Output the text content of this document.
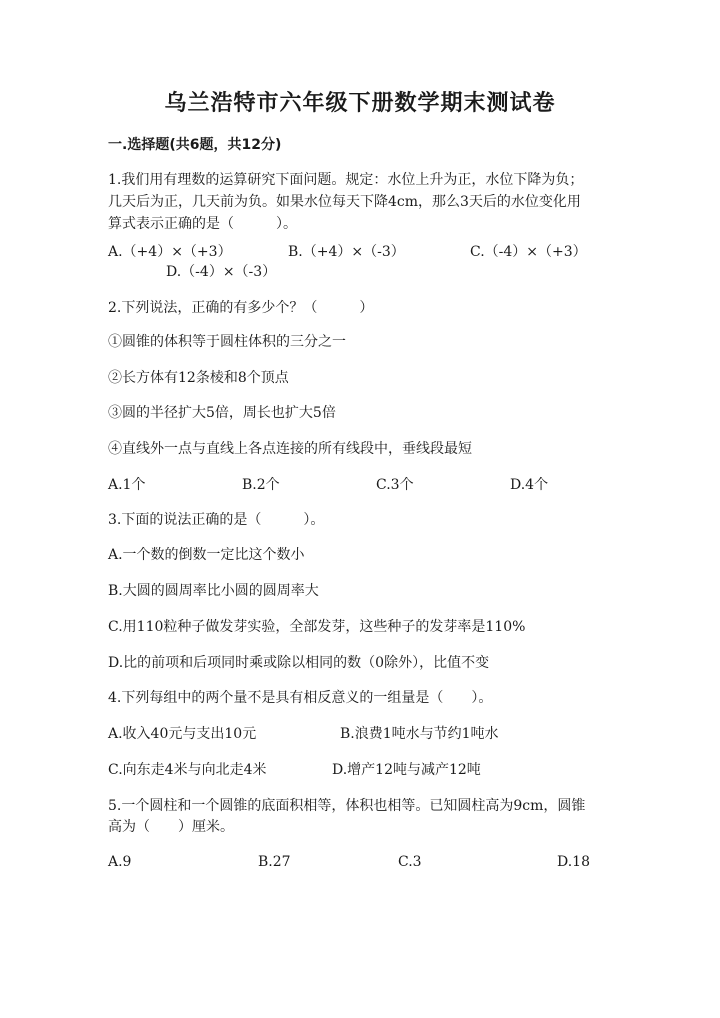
乌兰浩特市六年级下册数学期末测试卷
一.选择题(共6题，共12分)
1.我们用有理数的运算研究下面问题。规定：水位上升为正，水位下降为负；
几天后为正，几天前为负。如果水位每天下降4cm，那么3天后的水位变化用
算式表示正确的是（　　　）。
A.（+4）×（+3）	B.（+4）×（-3）	C.（-4）×（+3）
D.（-4）×（-3）
2.下列说法，正确的有多少个？（　　　）
①圆锥的体积等于圆柱体积的三分之一
②长方体有12条棱和8个顶点
③圆的半径扩大5倍，周长也扩大5倍
④直线外一点与直线上各点连接的所有线段中，垂线段最短
A.1个	B.2个	C.3个	D.4个
3.下面的说法正确的是（　　　）。
A.一个数的倒数一定比这个数小
B.大圆的圆周率比小圆的圆周率大
C.用110粒种子做发芽实验，全部发芽，这些种子的发芽率是110%
D.比的前项和后项同时乘或除以相同的数（0除外），比值不变
4.下列每组中的两个量不是具有相反意义的一组量是（　　）。
A.收入40元与支出10元	B.浪费1吨水与节约1吨水
C.向东走4米与向北走4米	D.增产12吨与减产12吨
5.一个圆柱和一个圆锥的底面积相等，体积也相等。已知圆柱高为9cm，圆锥
高为（　　）厘米。
A.9	B.27	C.3	D.18
